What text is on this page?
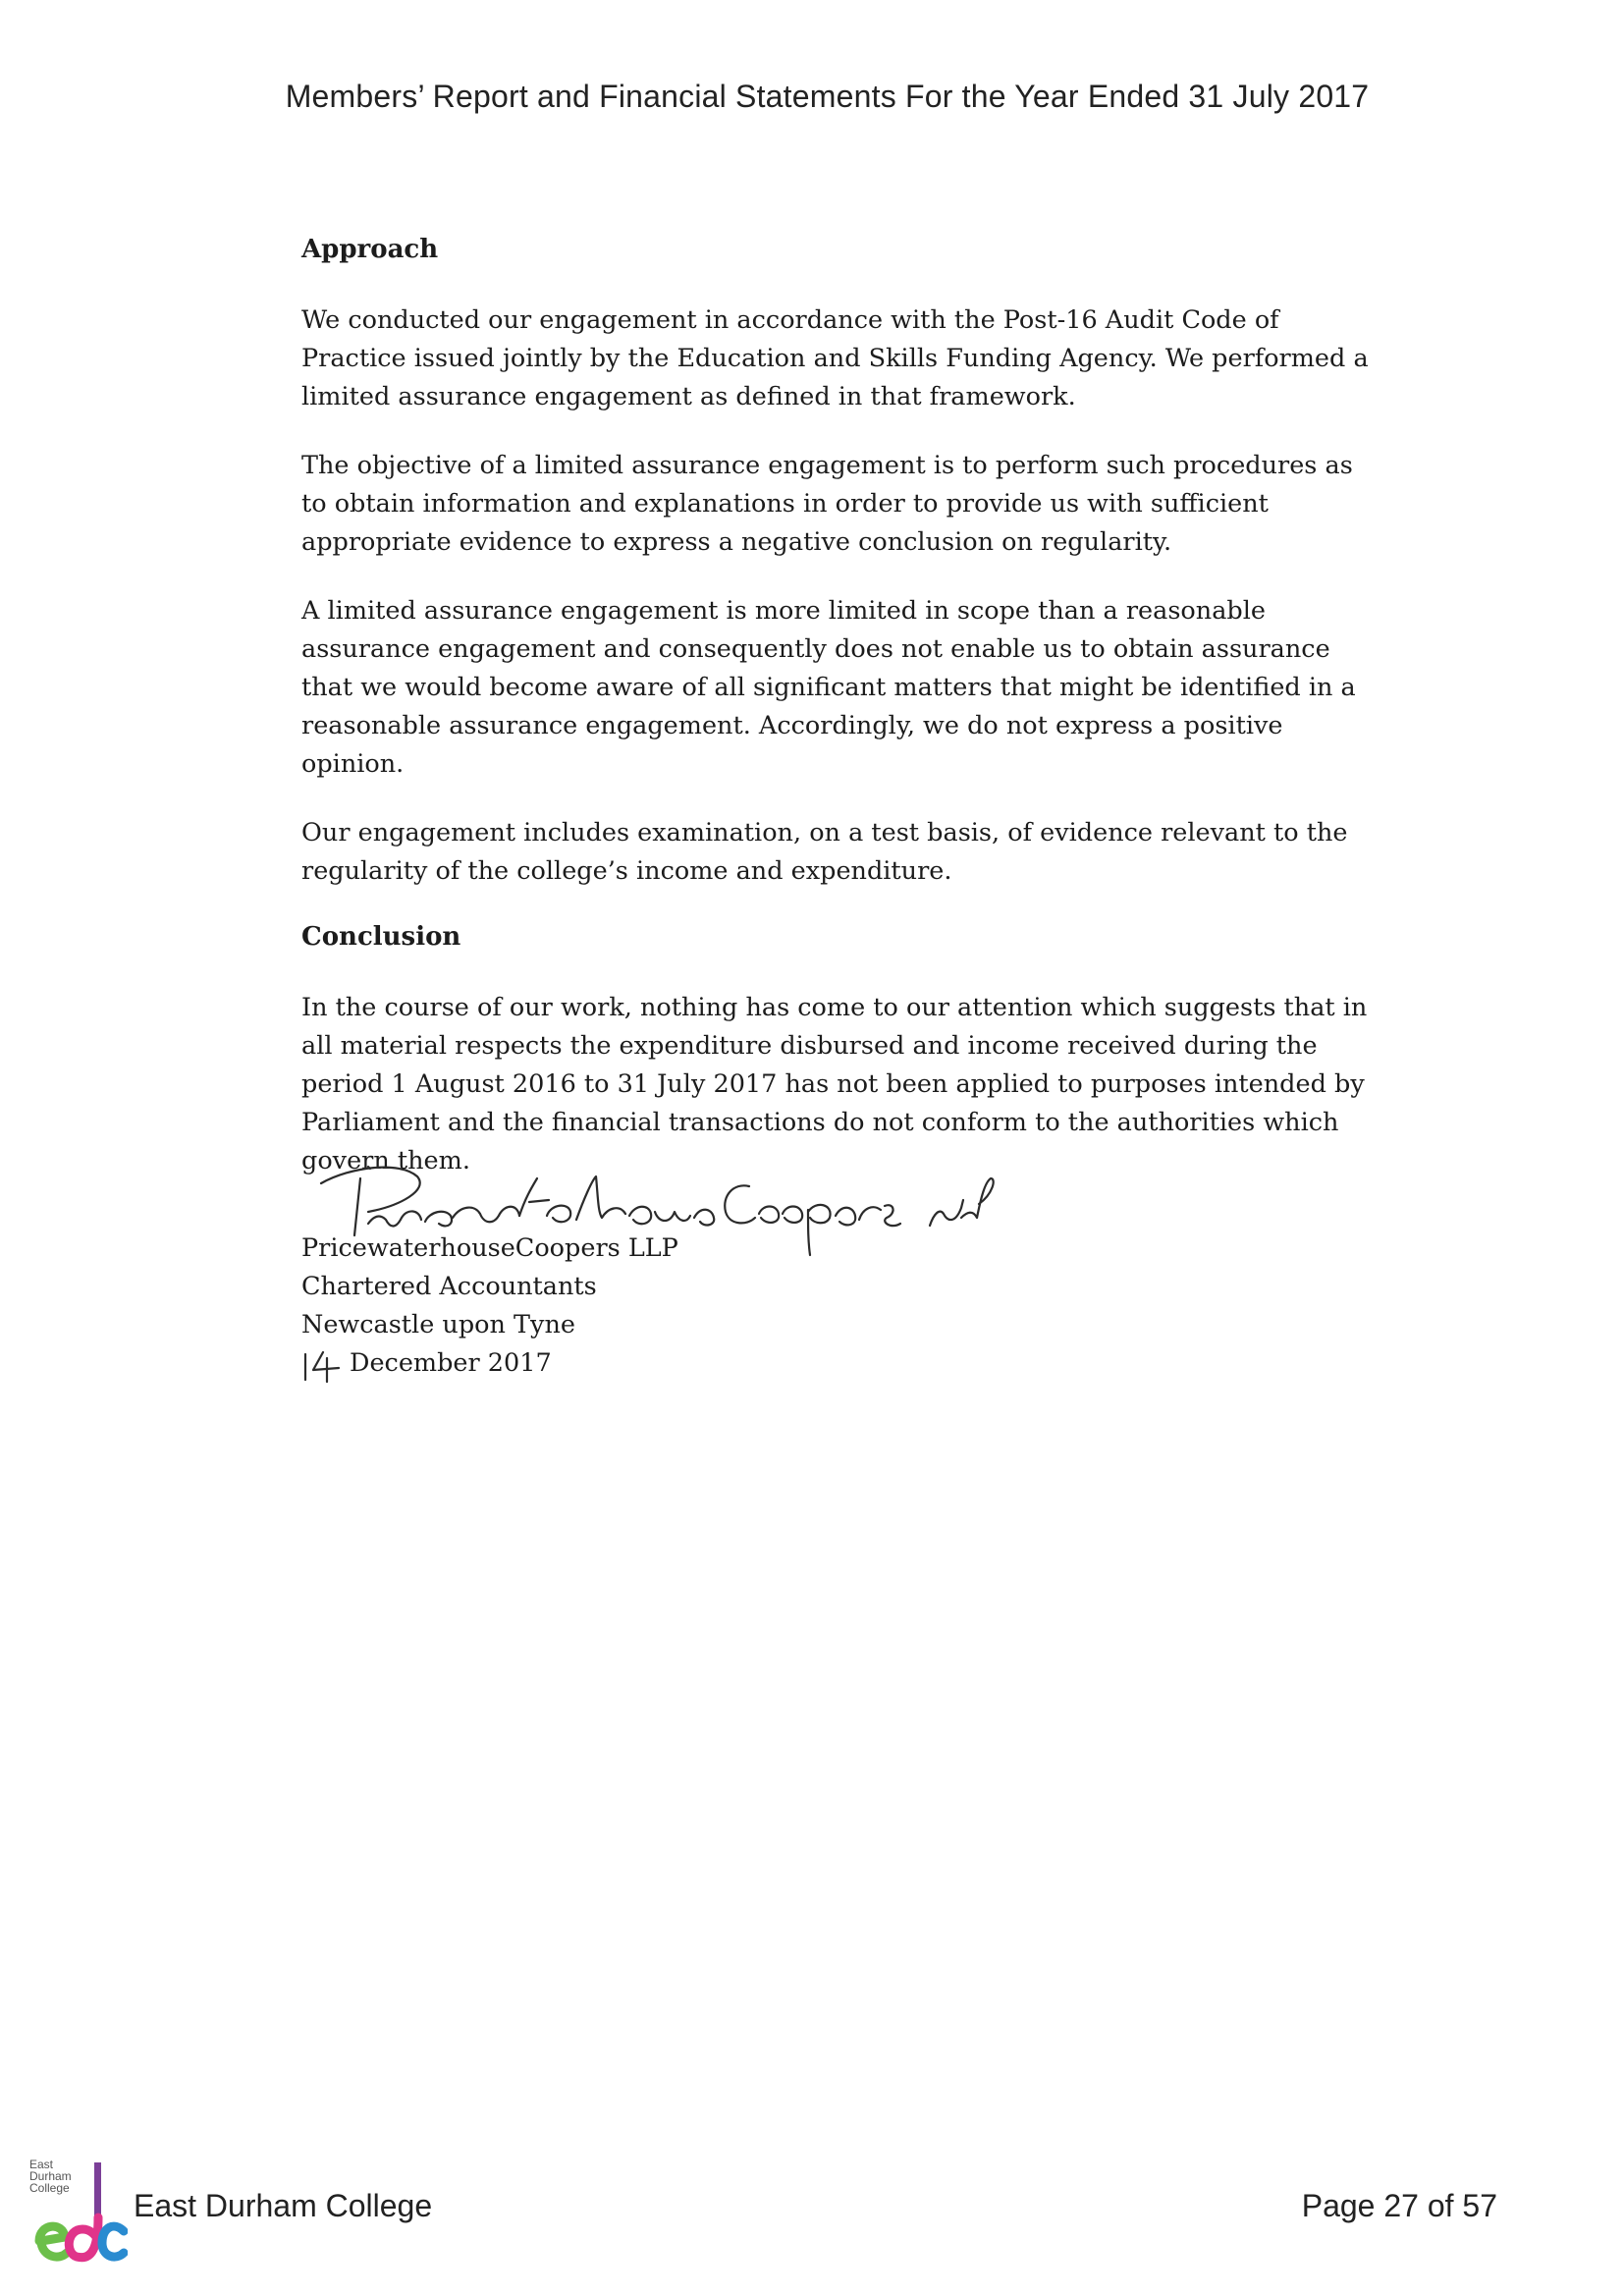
Members’ Report and Financial Statements For the Year Ended 31 July 2017
Approach

We conducted our engagement in accordance with the Post-16 Audit Code of Practice issued jointly by the Education and Skills Funding Agency. We performed a limited assurance engagement as defined in that framework.

The objective of a limited assurance engagement is to perform such procedures as to obtain information and explanations in order to provide us with sufficient appropriate evidence to express a negative conclusion on regularity.

A limited assurance engagement is more limited in scope than a reasonable assurance engagement and consequently does not enable us to obtain assurance that we would become aware of all significant matters that might be identified in a reasonable assurance engagement. Accordingly, we do not express a positive opinion.

Our engagement includes examination, on a test basis, of evidence relevant to the regularity of the college’s income and expenditure.

Conclusion

In the course of our work, nothing has come to our attention which suggests that in all material respects the expenditure disbursed and income received during the period 1 August 2016 to 31 July 2017 has not been applied to purposes intended by Parliament and the financial transactions do not conform to the authorities which govern them.

PricewaterhouseCoopers LLP
Chartered Accountants
Newcastle upon Tyne
December 2017
East
Durham
College East Durham College	Page 27 of 57
